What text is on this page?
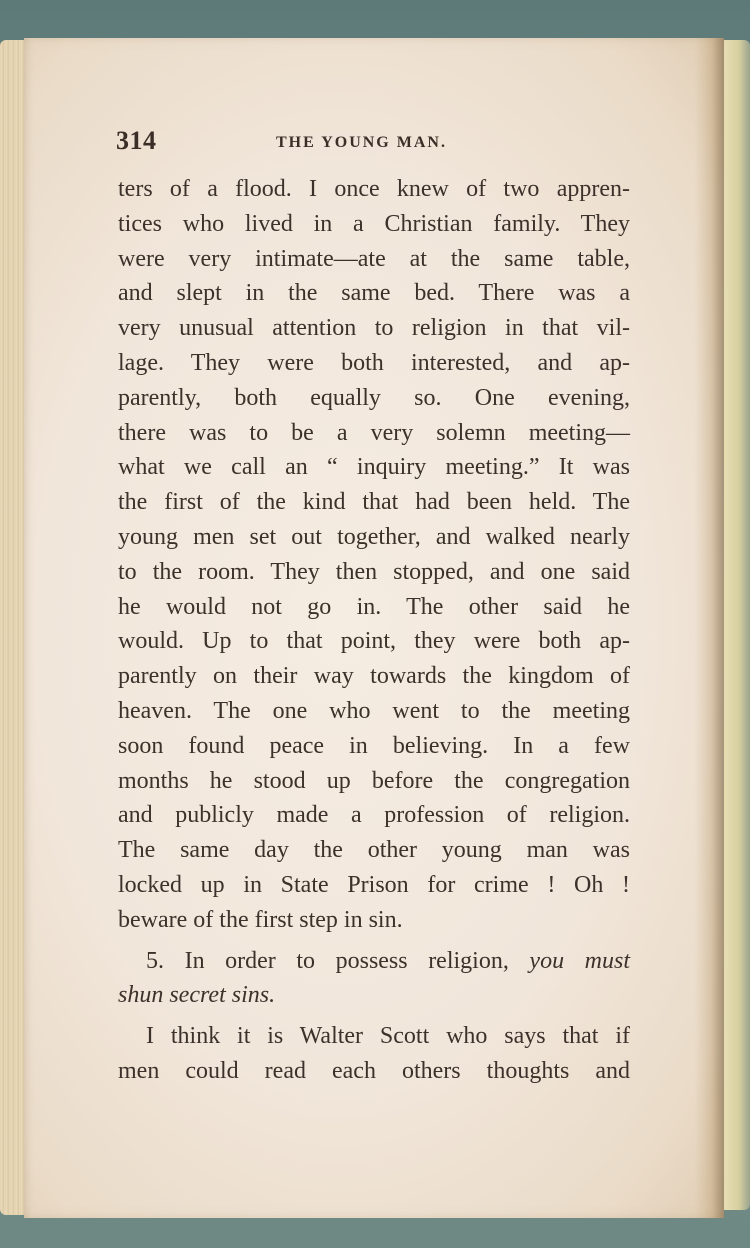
314	THE YOUNG MAN.
ters of a flood. I once knew of two appren-
tices who lived in a Christian family. They
were very intimate—ate at the same table,
and slept in the same bed. There was a
very unusual attention to religion in that vil-
lage. They were both interested, and ap-
parently, both equally so. One evening,
there was to be a very solemn meeting—
what we call an “ inquiry meeting.” It was
the first of the kind that had been held. The
young men set out together, and walked nearly
to the room. They then stopped, and one said
he would not go in. The other said he
would. Up to that point, they were both ap-
parently on their way towards the kingdom of
heaven. The one who went to the meeting
soon found peace in believing. In a few
months he stood up before the congregation
and publicly made a profession of religion.
The same day the other young man was
locked up in State Prison for crime ! Oh !
beware of the first step in sin.
5. In order to possess religion, you must
shun secret sins.
I think it is Walter Scott who says that if
men could read each others thoughts and
